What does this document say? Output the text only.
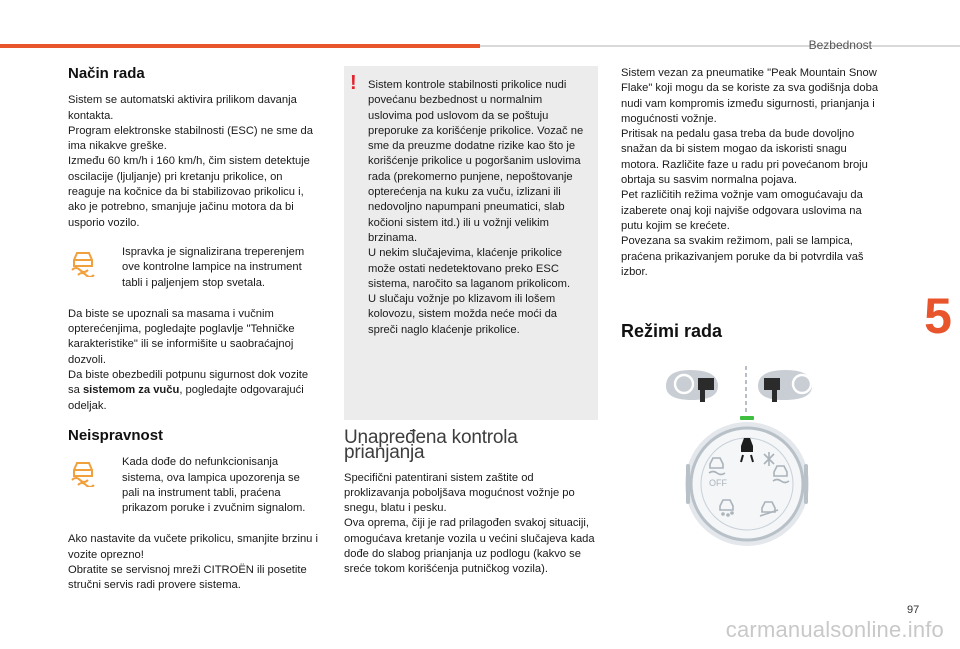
Bezbednost
5
Način rada

Sistem se automatski aktivira prilikom davanja kontakta.
Program elektronske stabilnosti (ESC) ne sme da ima nikakve greške.
Između 60 km/h i 160 km/h, čim sistem detektuje oscilacije (ljuljanje) pri kretanju prikolice, on reaguje na kočnice da bi stabilizovao prikolicu i, ako je potrebno, smanjuje jačinu motora da bi usporio vozilo.

Ispravka je signalizirana treperenjem ove kontrolne lampice na instrument tabli i paljenjem stop svetala.

Da biste se upoznali sa masama i vučnim opterećenjima, pogledajte poglavlje "Tehničke karakteristike" ili se informišite u saobraćajnoj dozvoli.
Da biste obezbedili potpunu sigurnost dok vozite sa sistemom za vuču, pogledajte odgovarajući odeljak.

Neispravnost

Kada dođe do nefunkcionisanja sistema, ova lampica upozorenja se pali na instrument tabli, praćena prikazom poruke i zvučnim signalom.

Ako nastavite da vučete prikolicu, smanjite brzinu i vozite oprezno!
Obratite se servisnoj mreži CITROËN ili posetite stručni servis radi provere sistema.

! Sistem kontrole stabilnosti prikolice nudi povećanu bezbednost u normalnim uslovima pod uslovom da se poštuju preporuke za korišćenje prikolice. Vozač ne sme da preuzme dodatne rizike kao što je korišćenje prikolice u pogoršanim uslovima rada (prekomerno punjene, nepoštovanje opterećenja na kuku za vuču, izlizani ili nedovoljno napumpani pneumatici, slab kočioni sistem itd.) ili u vožnji velikim brzinama.
U nekim slučajevima, klaćenje prikolice može ostati nedetektovano preko ESC sistema, naročito sa laganom prikolicom.
U slučaju vožnje po klizavom ili lošem kolovozu, sistem možda neće moći da spreči naglo klaćenje prikolice.

Unapređena kontrola prianjanja

Specifični patentirani sistem zaštite od proklizavanja poboljšava mogućnost vožnje po snegu, blatu i pesku.
Ova oprema, čiji je rad prilagođen svakoj situaciji, omogućava kretanje vozila u većini slučajeva kada dođe do slabog prianjanja uz podlogu (kakvo se sreće tokom korišćenja putničkog vozila).

Sistem vezan za pneumatike "Peak Mountain Snow Flake" koji mogu da se koriste za sva godišnja doba nudi vam kompromis između sigurnosti, prianjanja i mogućnosti vožnje.
Pritisak na pedalu gasa treba da bude dovoljno snažan da bi sistem mogao da iskoristi snagu motora. Različite faze u radu pri povećanom broju obrtaja su sasvim normalna pojava.
Pet različitih režima vožnje vam omogućavaju da izaberete onaj koji najviše odgovara uslovima na putu kojim se krećete.
Povezana sa svakim režimom, pali se lampica, praćena prikazivanjem poruke da bi potvrdila vaš izbor.

Režimi rada
OFF
97
carmanualsonline.info
